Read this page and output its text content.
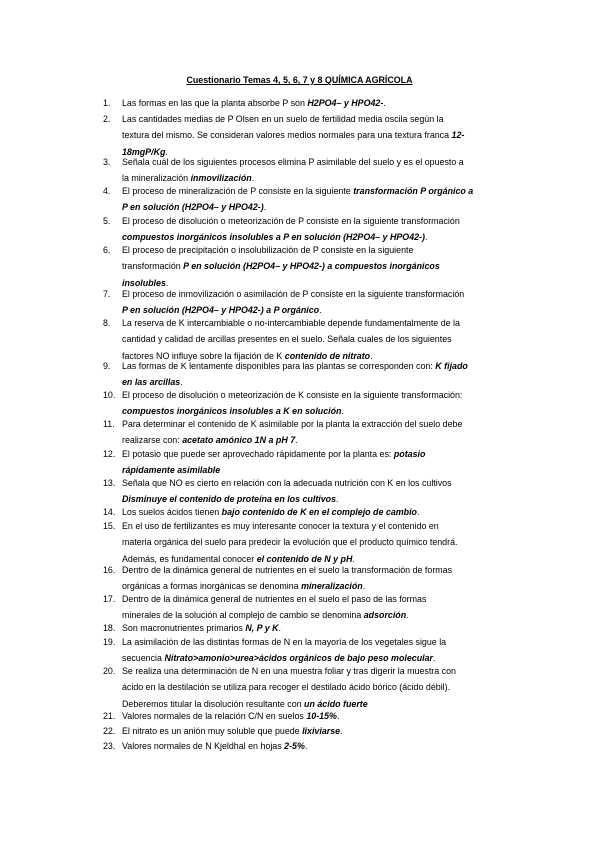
Cuestionario Temas 4, 5, 6, 7 y 8 QUÍMICA AGRÍCOLA
1. Las formas en las que la planta absorbe P son H2PO4– y HPO42-.
2. Las cantidades medias de P Olsen en un suelo de fertilidad media oscila según la
textura del mismo. Se consideran valores medios normales para una textura franca 12-
18mgP/Kg.
3. Señala cuál de los siguientes procesos elimina P asimilable del suelo y es el opuesto a
la mineralización inmovilización.
4. El proceso de mineralización de P consiste en la siguiente transformación P orgánico a
P en solución (H2PO4– y HPO42-).
5. El proceso de disolución o meteorización de P consiste en la siguiente transformación
compuestos inorgánicos insolubles a P en solución (H2PO4– y HPO42-).
6. El proceso de precipitación o insolubilización de P consiste en la siguiente
transformación P en solución (H2PO4– y HPO42-) a compuestos inorgánicos
insolubles.
7. El proceso de inmovilización o asimilación de P consiste en la siguiente transformación
P en solución (H2PO4– y HPO42-) a P orgánico.
8. La reserva de K intercambiable o no-intercambiable depende fundamentalmente de la
cantidad y calidad de arcillas presentes en el suelo. Señala cuales de los siguientes
factores NO influye sobre la fijación de K contenido de nitrato.
9. Las formas de K lentamente disponibles para las plantas se corresponden con: K fijado
en las arcillas.
10. El proceso de disolución o meteorización de K consiste en la siguiente transformación:
compuestos inorgánicos insolubles a K en solución.
11. Para determinar el contenido de K asimilable por la planta la extracción del suelo debe
realizarse con: acetato amónico 1N a pH 7.
12. El potasio que puede ser aprovechado rápidamente por la planta es: potasio
rápidamente asimilable
13. Señala que NO es cierto en relación con la adecuada nutrición con K en los cultivos
Disminuye el contenido de proteína en los cultivos.
14. Los suelos ácidos tienen bajo contenido de K en el complejo de cambio.
15. En el uso de fertilizantes es muy interesante conocer la textura y el contenido en
materia orgánica del suelo para predecir la evolución que el producto químico tendrá.
Además, es fundamental conocer el contenido de N y pH.
16. Dentro de la dinámica general de nutrientes en el suelo la transformación de formas
orgánicas a formas inorgánicas se denomina mineralización.
17. Dentro de la dinámica general de nutrientes en el suelo el paso de las formas
minerales de la solución al complejo de cambio se denomina adsorción.
18. Son macronutrientes primarios N, P y K.
19. La asimilación de las distintas formas de N en la mayoría de los vegetales sigue la
secuencia Nitrato>amonio>urea>ácidos orgánicos de bajo peso molecular.
20. Se realiza una determinación de N en una muestra foliar y tras digerir la muestra con
ácido en la destilación se utiliza para recoger el destilado ácido bórico (ácido débil).
Deberemos titular la disolución resultante con un ácido fuerte
21. Valores normales de la relación C/N en suelos 10-15%.
22. El nitrato es un anión muy soluble que puede lixiviarse.
23. Valores normales de N Kjeldhal en hojas 2-5%.
